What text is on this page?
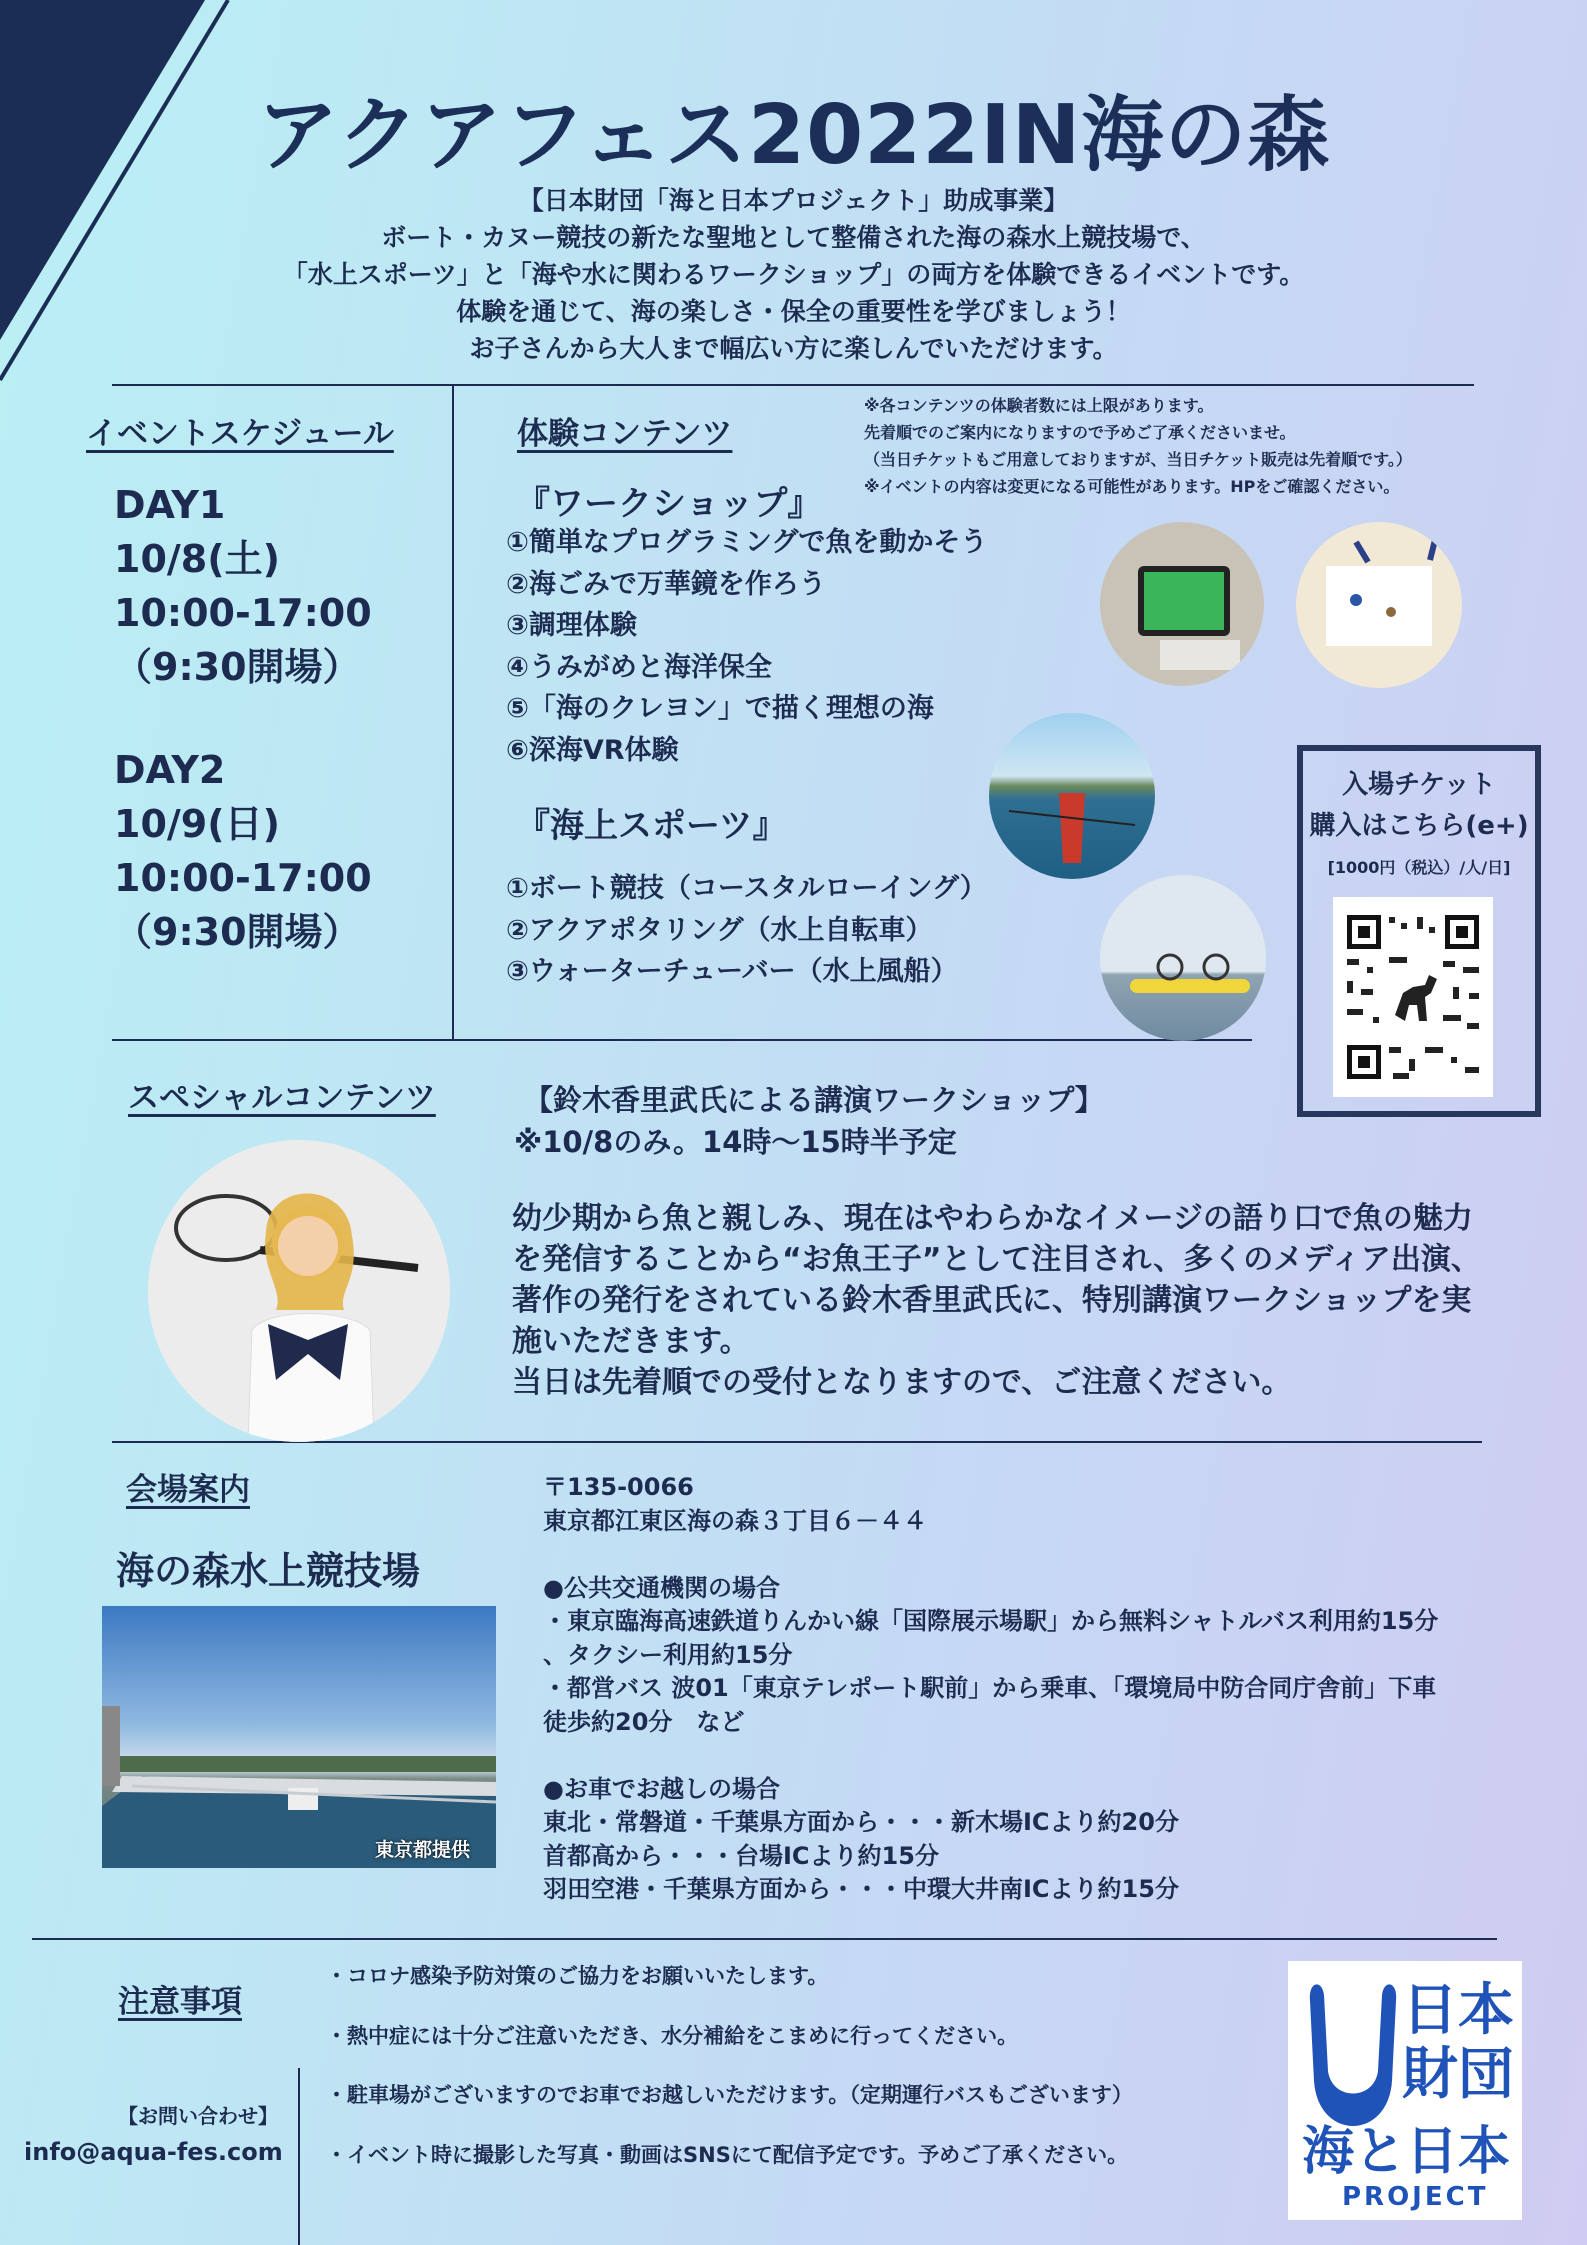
アクアフェス2022IN海の森
【日本財団「海と日本プロジェクト」助成事業】
ボート・カヌー競技の新たな聖地として整備された海の森水上競技場で、
「水上スポーツ」と「海や水に関わるワークショップ」の両方を体験できるイベントです。
体験を通じて、海の楽しさ・保全の重要性を学びましょう！
お子さんから大人まで幅広い方に楽しんでいただけます。
イベントスケジュール
DAY1
10/8(土)
10:00-17:00
（9:30開場）
DAY2
10/9(日)
10:00-17:00
（9:30開場）
体験コンテンツ
※各コンテンツの体験者数には上限があります。
先着順でのご案内になりますので予めご了承くださいませ。
（当日チケットもご用意しておりますが、当日チケット販売は先着順です。）
※イベントの内容は変更になる可能性があります。HPをご確認ください。
『ワークショップ』
①簡単なプログラミングで魚を動かそう
②海ごみで万華鏡を作ろう
③調理体験
④うみがめと海洋保全
⑤「海のクレヨン」で描く理想の海
⑥深海VR体験
『海上スポーツ』
①ボート競技（コースタルローイング）
②アクアポタリング（水上自転車）
③ウォーターチューバー（水上風船）
入場チケット
購入はこちら(e+)
[1000円（税込）/人/日]
スペシャルコンテンツ	【鈴木香里武氏による講演ワークショップ】
※10/8のみ。14時〜15時半予定
幼少期から魚と親しみ、現在はやわらかなイメージの語り口で魚の魅力
を発信することから“お魚王子”として注目され、多くのメディア出演、
著作の発行をされている鈴木香里武氏に、特別講演ワークショップを実
施いただきます。
当日は先着順での受付となりますので、ご注意ください。
会場案内
海の森水上競技場
東京都提供
〒135-0066
東京都江東区海の森３丁目６－４４
●公共交通機関の場合
・東京臨海高速鉄道りんかい線「国際展示場駅」から無料シャトルバス利用約15分
、タクシー利用約15分
・都営バス 波01「東京テレポート駅前」から乗車、「環境局中防合同庁舎前」下車
徒歩約20分　など
●お車でお越しの場合
東北・常磐道・千葉県方面から・・・新木場ICより約20分
首都高から・・・台場ICより約15分
羽田空港・千葉県方面から・・・中環大井南ICより約15分
注意事項
・コロナ感染予防対策のご協力をお願いいたします。
・熱中症には十分ご注意いただき、水分補給をこまめに行ってください。
・駐車場がございますのでお車でお越しいただけます。（定期運行バスもございます）
・イベント時に撮影した写真・動画はSNSにて配信予定です。予めご了承ください。
【お問い合わせ】
info@aqua-fes.com
日本
財団
海と日本
PROJECT
